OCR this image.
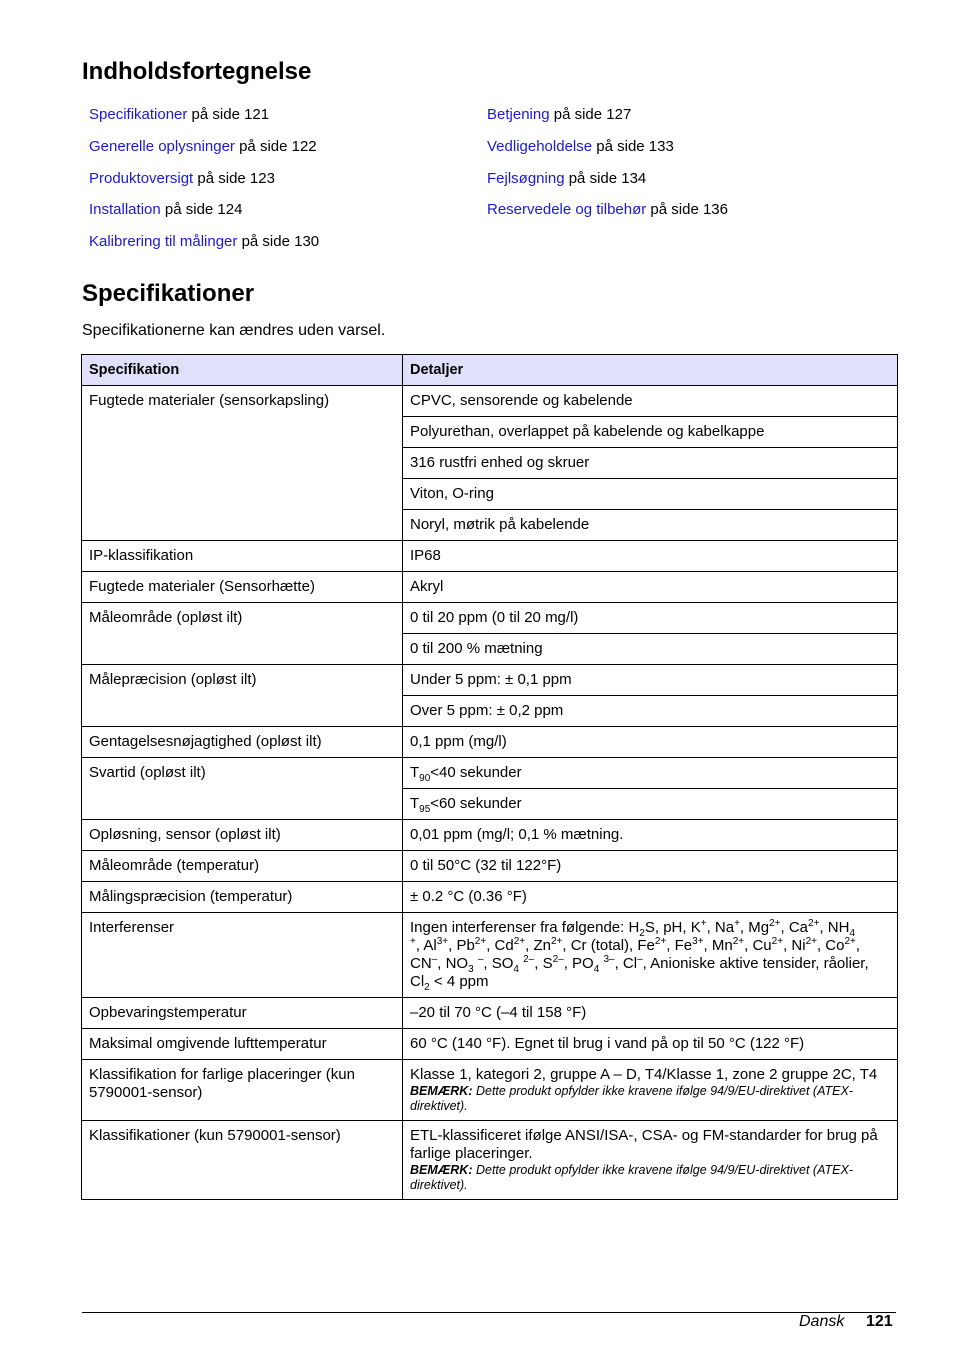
Indholdsfortegnelse
Specifikationer på side 121
Generelle oplysninger på side 122
Produktoversigt på side 123
Installation på side 124
Kalibrering til målinger på side 130
Betjening på side 127
Vedligeholdelse på side 133
Fejlsøgning på side 134
Reservedele og tilbehør på side 136
Specifikationer
Specifikationerne kan ændres uden varsel.
Specifikation	Detaljer
Fugtede materialer (sensorkapsling)	CPVC, sensorende og kabelende
	Polyurethan, overlappet på kabelende og kabelkappe
	316 rustfri enhed og skruer
	Viton, O-ring
	Noryl, møtrik på kabelende
IP-klassifikation	IP68
Fugtede materialer (Sensorhætte)	Akryl
Måleområde (opløst ilt)	0 til 20 ppm (0 til 20 mg/l)
	0 til 200 % mætning
Målepræcision (opløst ilt)	Under 5 ppm: ± 0,1 ppm
	Over 5 ppm: ± 0,2 ppm
Gentagelsesnøjagtighed (opløst ilt)	0,1 ppm (mg/l)
Svartid (opløst ilt)	$T_{90}<40$ sekunder
	$T_{95}<60$ sekunder
Opløsning, sensor (opløst ilt)	0,01 ppm (mg/l; 0,1 % mætning.
Måleområde (temperatur)	0 til 50°C (32 til 122°F)
Målingspræcision (temperatur)	± 0.2 °C (0.36 °F)
Interferenser	Ingen interferenser fra følgende: $H_2S$, pH, K+, Na+, $Mg^{2+}$, $Ca^{2+}$, $NH_4$
+, $Al^{3+}$, $Pb^{2+}$, $Cd^{2+}$, $Zn^{2+}$, Cr (total), $Fe^{2+}$, $Fe^{3+}$, $Mn^{2+}$, $Cu^{2+}$, $Ni^{2+}$, $Co^{2+}$, CN–, $NO_3$ –, $SO_4$ $^{2-}$, $S^{2-}$, $PO_4$ $^{3-}$, Cl–, Anioniske aktive tensider, råolier, $Cl_2 < 4$ ppm
Opbevaringstemperatur	–20 til 70 °C (–4 til 158 °F)
Maksimal omgivende lufttemperatur	60 °C (140 °F). Egnet til brug i vand på op til 50 °C (122 °F)
Klassifikation for farlige placeringer (kun 5790001-sensor)	Klasse 1, kategori 2, gruppe A – D, T4/Klasse 1, zone 2 gruppe 2C, T4
BEMÆRK: Dette produkt opfylder ikke kravene ifølge 94/9/EU-direktivet (ATEX-direktivet).

Klassifikationer (kun 5790001-sensor)	ETL-klassificeret ifølge ANSI/ISA-, CSA- og FM-standarder for brug på farlige placeringer.
BEMÆRK: Dette produkt opfylder ikke kravene ifølge 94/9/EU-direktivet (ATEX-direktivet).
Dansk 121
